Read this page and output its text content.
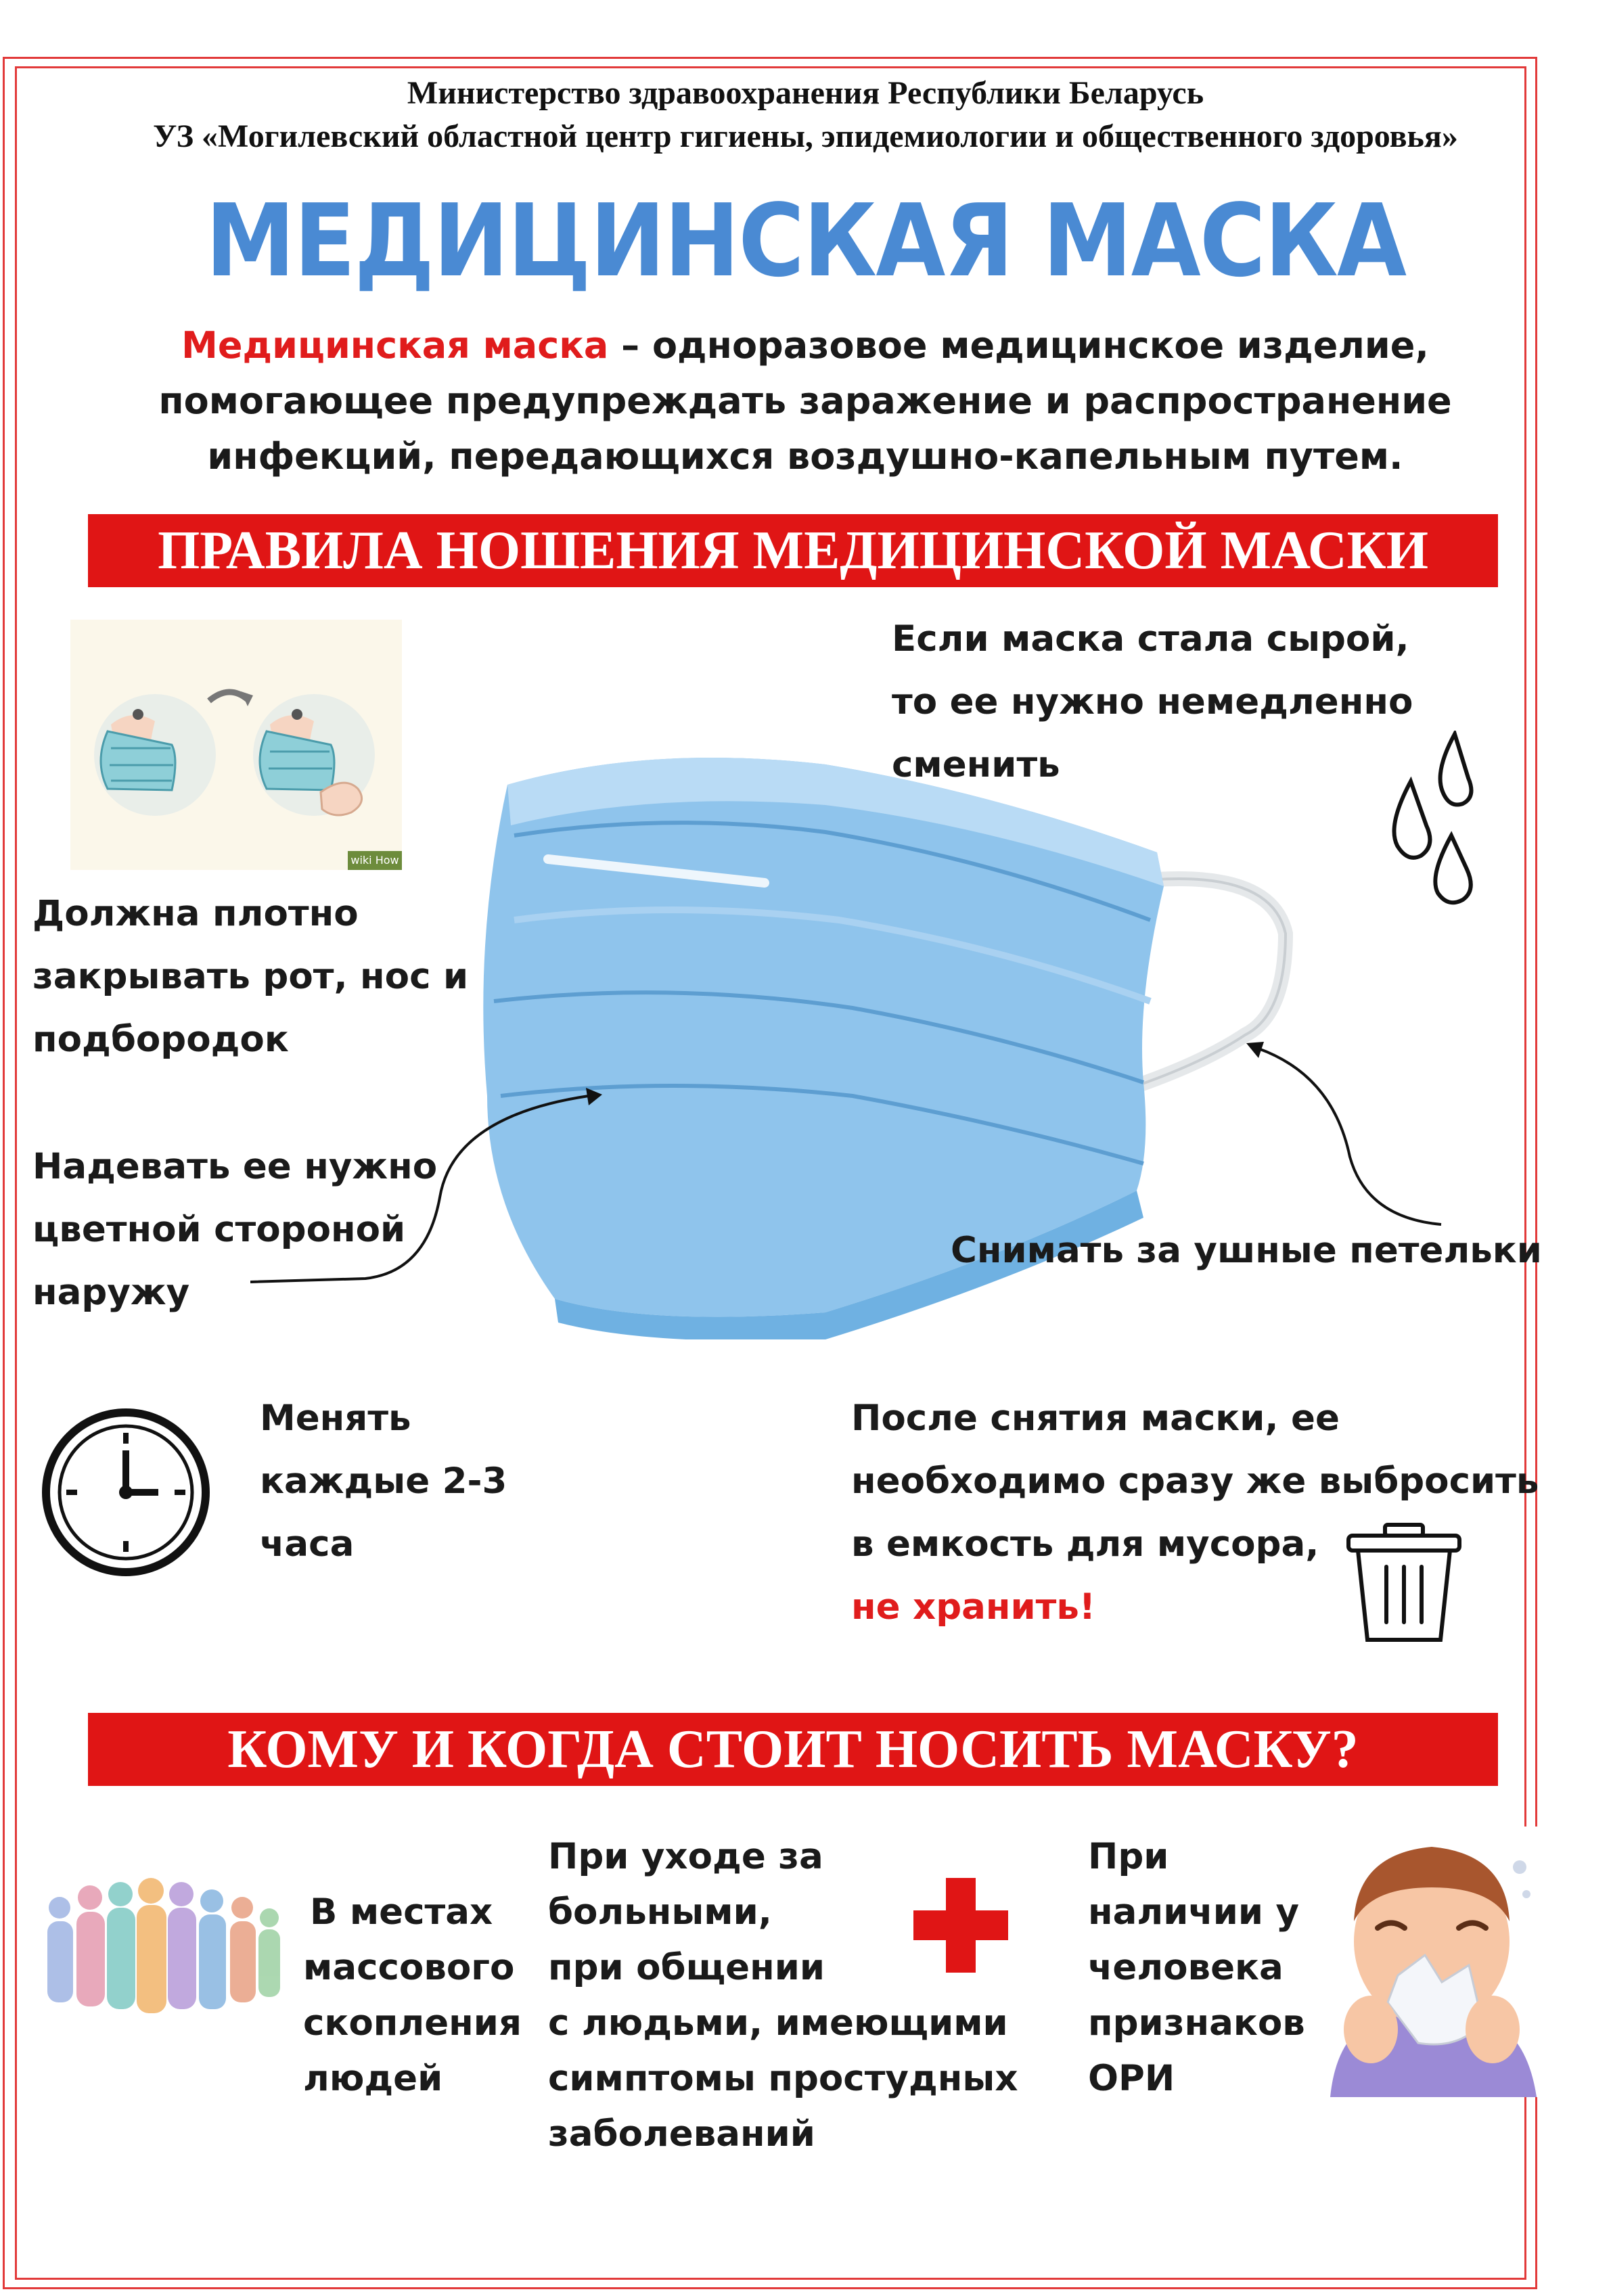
Министерство здравоохранения Республики Беларусь
УЗ «Могилевский областной центр гигиены, эпидемиологии и общественного здоровья»
МЕДИЦИНСКАЯ МАСКА
Медицинская маска – одноразовое медицинское изделие, помогающее предупреждать заражение и распространение инфекций, передающихся воздушно-капельным путем.
ПРАВИЛА НОШЕНИЯ МЕДИЦИНСКОЙ МАСКИ
wiki How
Если маска стала сырой,
то ее нужно немедленно
сменить
Должна плотно
закрывать рот, нос и
подбородок
Надевать ее нужно
цветной стороной
наружу
Снимать за ушные петельки
Менять
каждые 2-3
часа
После снятия маски, ее
необходимо сразу же выбросить
в емкость для мусора,
не хранить!
КОМУ И КОГДА СТОИТ НОСИТЬ МАСКУ?
В местах
массового
скопления
людей
При уходе за
больными,
при общении
с людьми, имеющими
симптомы простудных
заболеваний
При
наличии у
человека
признаков
ОРИ
